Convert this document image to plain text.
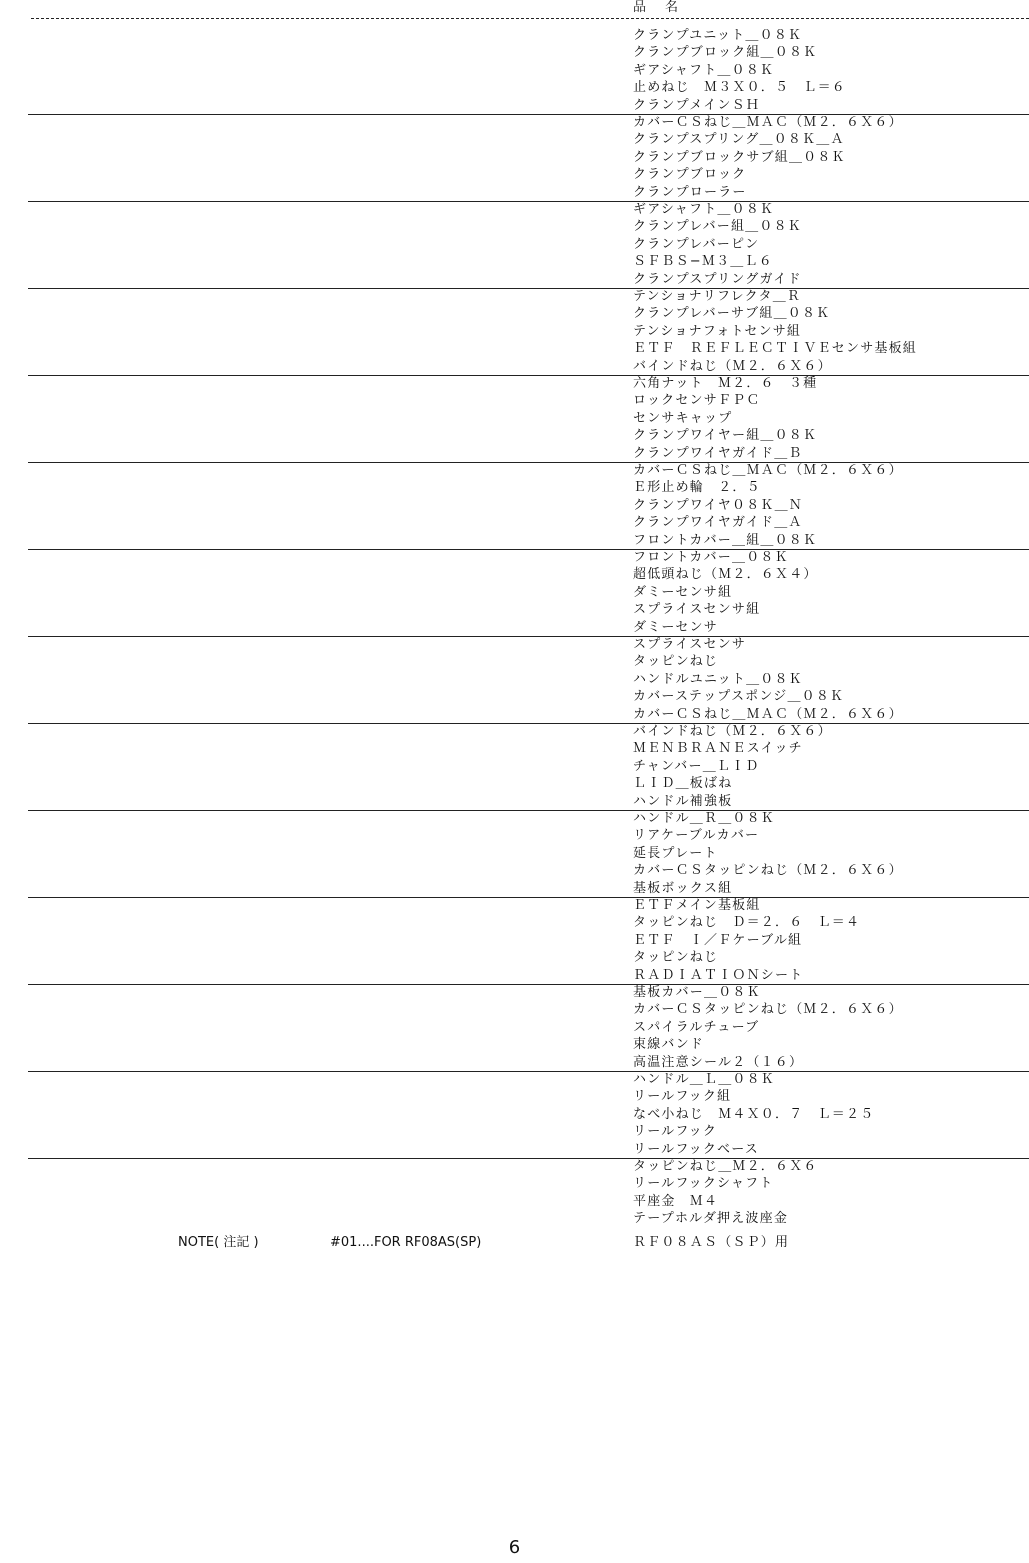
品　名
クランプユニット＿０８Ｋ
クランプブロック組＿０８Ｋ
ギアシャフト＿０８Ｋ
止めねじ　Ｍ３Ｘ０．５　Ｌ＝６
クランプメインＳＨ
カバーＣＳねじ＿ＭＡＣ（Ｍ２．６Ｘ６）
クランプスプリング＿０８Ｋ＿Ａ
クランプブロックサブ組＿０８Ｋ
クランプブロック
クランプローラー
ギアシャフト＿０８Ｋ
クランプレバー組＿０８Ｋ
クランプレバーピン
ＳＦＢＳ−Ｍ３＿Ｌ６
クランプスプリングガイド
テンショナリフレクタ＿Ｒ
クランプレバーサブ組＿０８Ｋ
テンショナフォトセンサ組
ＥＴＦ　ＲＥＦＬＥＣＴＩＶＥセンサ基板組
バインドねじ（Ｍ２．６Ｘ６）
六角ナット　Ｍ２．６　３種
ロックセンサＦＰＣ
センサキャップ
クランプワイヤー組＿０８Ｋ
クランプワイヤガイド＿Ｂ
カバーＣＳねじ＿ＭＡＣ（Ｍ２．６Ｘ６）
Ｅ形止め輪　２．５
クランプワイヤ０８Ｋ＿Ｎ
クランプワイヤガイド＿Ａ
フロントカバー＿組＿０８Ｋ
フロントカバー＿０８Ｋ
超低頭ねじ（Ｍ２．６Ｘ４）
ダミーセンサ組
スプライスセンサ組
ダミーセンサ
スプライスセンサ
タッピンねじ
ハンドルユニット＿０８Ｋ
カバーステップスポンジ＿０８Ｋ
カバーＣＳねじ＿ＭＡＣ（Ｍ２．６Ｘ６）
バインドねじ（Ｍ２．６Ｘ６）
ＭＥＮＢＲＡＮＥスイッチ
チャンバー＿ＬＩＤ
ＬＩＤ＿板ばね
ハンドル補強板
ハンドル＿Ｒ＿０８Ｋ
リアケーブルカバー
延長プレート
カバーＣＳタッピンねじ（Ｍ２．６Ｘ６）
基板ボックス組
ＥＴＦメイン基板組
タッピンねじ　Ｄ＝２．６　Ｌ＝４
ＥＴＦ　Ｉ／Ｆケーブル組
タッピンねじ
ＲＡＤＩＡＴＩＯＮシート
基板カバー＿０８Ｋ
カバーＣＳタッピンねじ（Ｍ２．６Ｘ６）
スパイラルチューブ
束線バンド
高温注意シール２（１６）
ハンドル＿Ｌ＿０８Ｋ
リールフック組
なべ小ねじ　Ｍ４Ｘ０．７　Ｌ＝２５
リールフック
リールフックベース
タッピンねじ＿Ｍ２．６Ｘ６
リールフックシャフト
平座金　Ｍ４
テープホルダ押え波座金
NOTE( 注記 )	#01....FOR RF08AS(SP)	ＲＦ０８ＡＳ（ＳＰ）用
6
